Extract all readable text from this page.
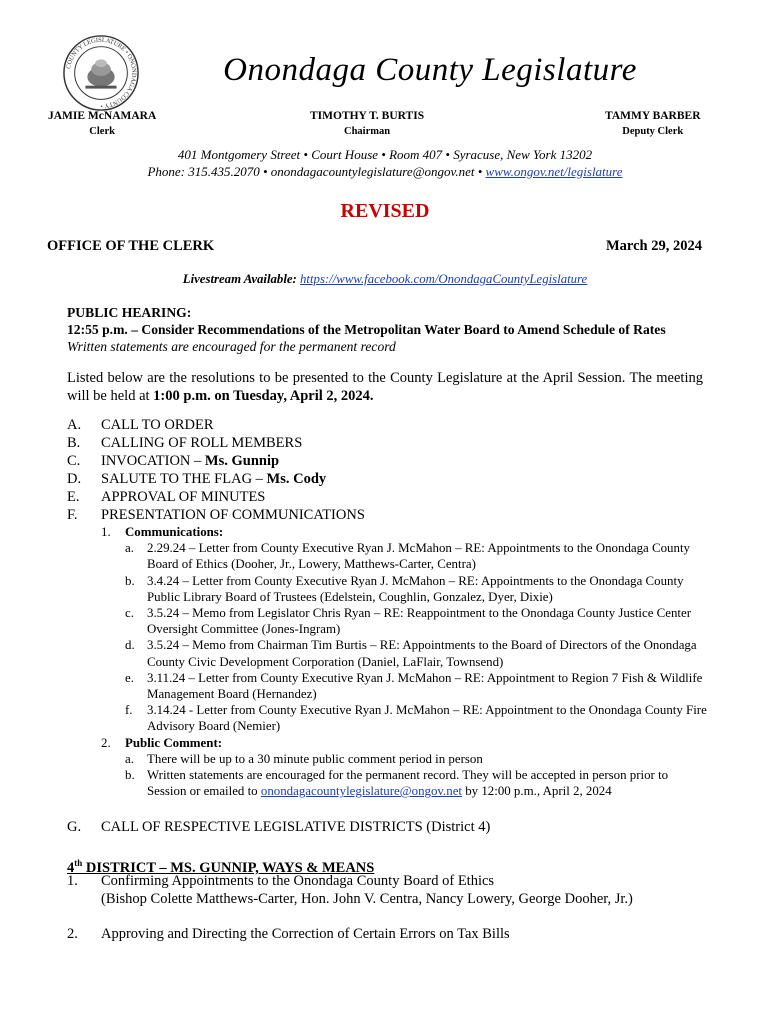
COUNTY LEGISLATURE • ONONDAGA COUNTY •
Onondaga County Legislature
JAMIE McNAMARA
Clerk
TIMOTHY T. BURTIS
Chairman
TAMMY BARBER
Deputy Clerk
401 Montgomery Street • Court House • Room 407 • Syracuse, New York 13202
Phone: 315.435.2070 • onondagacountylegislature@ongov.net • www.ongov.net/legislature
REVISED
OFFICE OF THE CLERK	March 29, 2024
Livestream Available: https://www.facebook.com/OnondagaCountyLegislature
PUBLIC HEARING:
12:55 p.m. – Consider Recommendations of the Metropolitan Water Board to Amend Schedule of Rates
Written statements are encouraged for the permanent record
Listed below are the resolutions to be presented to the County Legislature at the April Session. The meeting will be held at 1:00 p.m. on Tuesday, April 2, 2024.
A.	CALL TO ORDER
B.	CALLING OF ROLL MEMBERS
C.	INVOCATION – Ms. Gunnip
D.	SALUTE TO THE FLAG – Ms. Cody
E.	APPROVAL OF MINUTES
F.	PRESENTATION OF COMMUNICATIONS
1.	Communications:
a.	2.29.24 – Letter from County Executive Ryan J. McMahon – RE: Appointments to the Onondaga County Board of Ethics (Dooher, Jr., Lowery, Matthews-Carter, Centra)
b. 3.4.24 – Letter from County Executive Ryan J. McMahon – RE: Appointments to the Onondaga County Public Library Board of Trustees (Edelstein, Coughlin, Gonzalez, Dyer, Dixie)
c.	3.5.24 – Memo from Legislator Chris Ryan – RE: Reappointment to the Onondaga County Justice Center Oversight Committee (Jones-Ingram)
d. 3.5.24 – Memo from Chairman Tim Burtis – RE: Appointments to the Board of Directors of the Onondaga County Civic Development Corporation (Daniel, LaFlair, Townsend)
e.	3.11.24 – Letter from County Executive Ryan J. McMahon – RE: Appointment to Region 7 Fish & Wildlife Management Board (Hernandez)
f.	3.14.24 - Letter from County Executive Ryan J. McMahon – RE: Appointment to the Onondaga County Fire Advisory Board (Nemier)
2.	Public Comment:
a.	There will be up to a 30 minute public comment period in person
b. Written statements are encouraged for the permanent record. They will be accepted in person prior to Session or emailed to onondagacountylegislature@ongov.net by 12:00 p.m., April 2, 2024
G.	CALL OF RESPECTIVE LEGISLATIVE DISTRICTS (District 4)
4th DISTRICT – MS. GUNNIP, WAYS & MEANS
1.	Confirming Appointments to the Onondaga County Board of Ethics
(Bishop Colette Matthews-Carter, Hon. John V. Centra, Nancy Lowery, George Dooher, Jr.)
2.	Approving and Directing the Correction of Certain Errors on Tax Bills
